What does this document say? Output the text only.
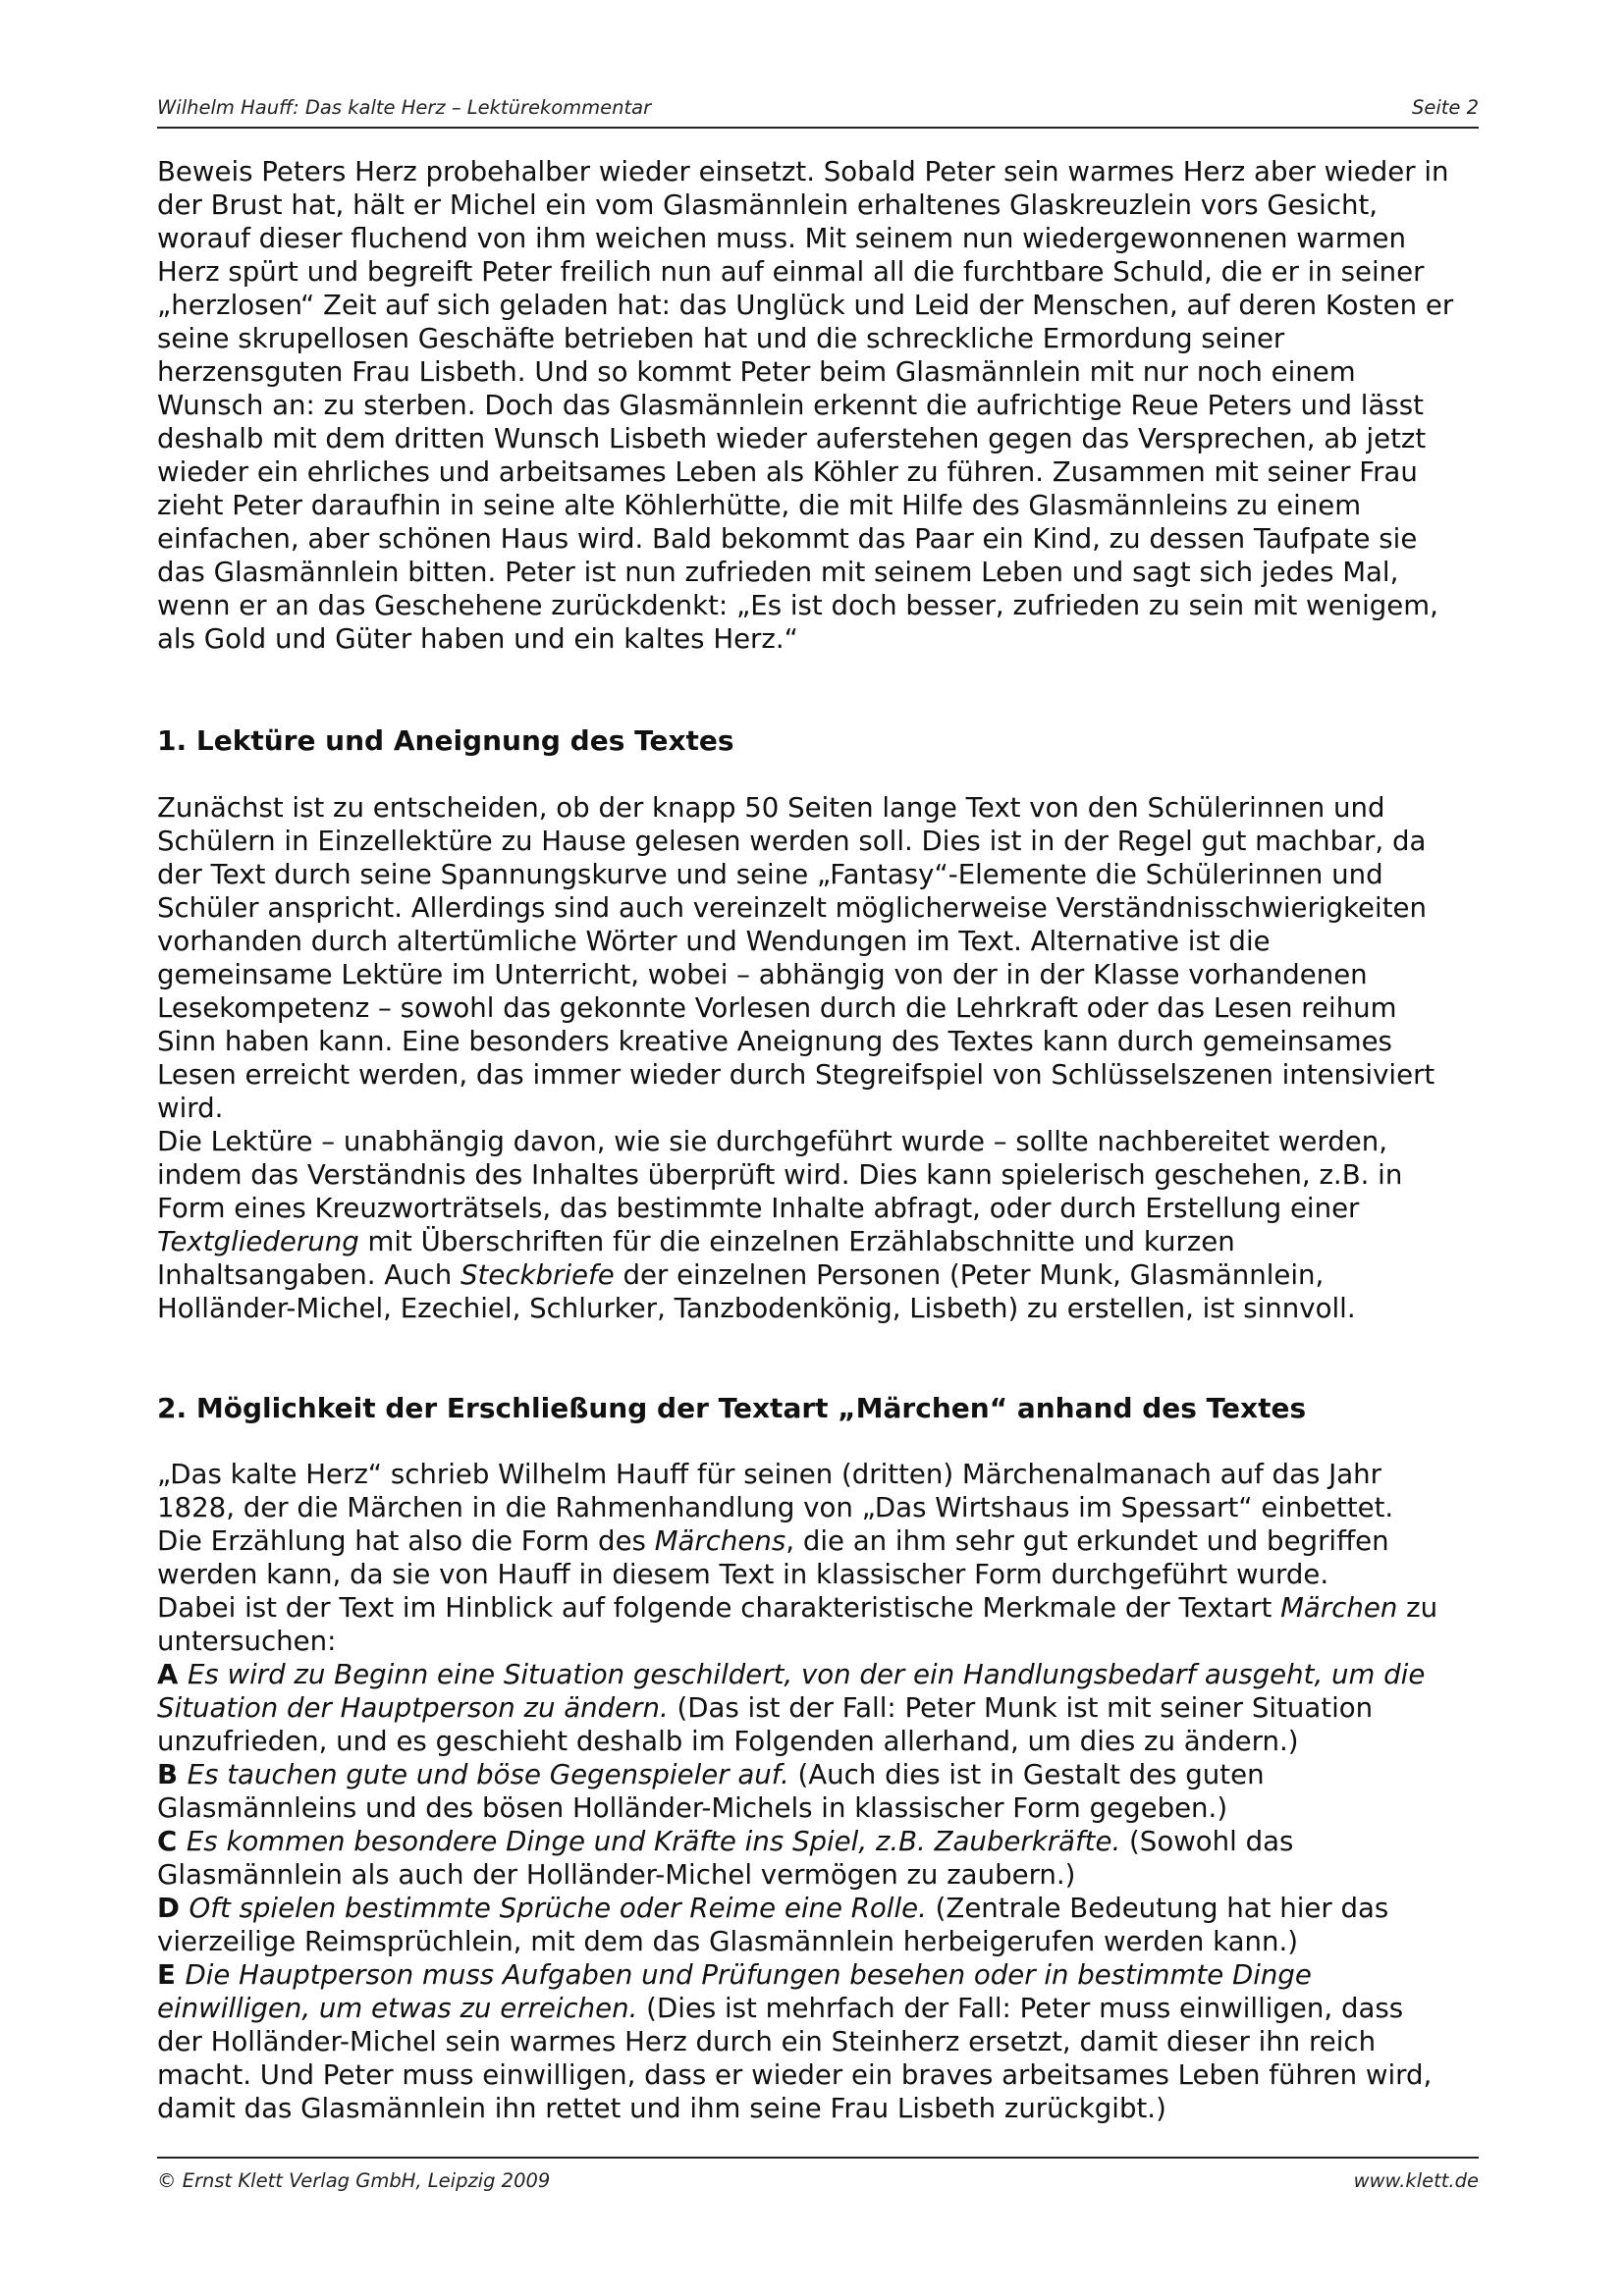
Wilhelm Hauff: Das kalte Herz – Lektürekommentar	Seite 2
Beweis Peters Herz probehalber wieder einsetzt. Sobald Peter sein warmes Herz aber wieder in
der Brust hat, hält er Michel ein vom Glasmännlein erhaltenes Glaskreuzlein vors Gesicht,
worauf dieser fluchend von ihm weichen muss. Mit seinem nun wiedergewonnenen warmen
Herz spürt und begreift Peter freilich nun auf einmal all die furchtbare Schuld, die er in seiner
„herzlosen“ Zeit auf sich geladen hat: das Unglück und Leid der Menschen, auf deren Kosten er
seine skrupellosen Geschäfte betrieben hat und die schreckliche Ermordung seiner
herzensguten Frau Lisbeth. Und so kommt Peter beim Glasmännlein mit nur noch einem
Wunsch an: zu sterben. Doch das Glasmännlein erkennt die aufrichtige Reue Peters und lässt
deshalb mit dem dritten Wunsch Lisbeth wieder auferstehen gegen das Versprechen, ab jetzt
wieder ein ehrliches und arbeitsames Leben als Köhler zu führen. Zusammen mit seiner Frau
zieht Peter daraufhin in seine alte Köhlerhütte, die mit Hilfe des Glasmännleins zu einem
einfachen, aber schönen Haus wird. Bald bekommt das Paar ein Kind, zu dessen Taufpate sie
das Glasmännlein bitten. Peter ist nun zufrieden mit seinem Leben und sagt sich jedes Mal,
wenn er an das Geschehene zurückdenkt: „Es ist doch besser, zufrieden zu sein mit wenigem,
als Gold und Güter haben und ein kaltes Herz.“
1. Lektüre und Aneignung des Textes
Zunächst ist zu entscheiden, ob der knapp 50 Seiten lange Text von den Schülerinnen und
Schülern in Einzellektüre zu Hause gelesen werden soll. Dies ist in der Regel gut machbar, da
der Text durch seine Spannungskurve und seine „Fantasy“-Elemente die Schülerinnen und
Schüler anspricht. Allerdings sind auch vereinzelt möglicherweise Verständnisschwierigkeiten
vorhanden durch altertümliche Wörter und Wendungen im Text. Alternative ist die
gemeinsame Lektüre im Unterricht, wobei – abhängig von der in der Klasse vorhandenen
Lesekompetenz – sowohl das gekonnte Vorlesen durch die Lehrkraft oder das Lesen reihum
Sinn haben kann. Eine besonders kreative Aneignung des Textes kann durch gemeinsames
Lesen erreicht werden, das immer wieder durch Stegreifspiel von Schlüsselszenen intensiviert
wird.
Die Lektüre – unabhängig davon, wie sie durchgeführt wurde – sollte nachbereitet werden,
indem das Verständnis des Inhaltes überprüft wird. Dies kann spielerisch geschehen, z.B. in
Form eines Kreuzworträtsels, das bestimmte Inhalte abfragt, oder durch Erstellung einer
Textgliederung mit Überschriften für die einzelnen Erzählabschnitte und kurzen
Inhaltsangaben. Auch Steckbriefe der einzelnen Personen (Peter Munk, Glasmännlein,
Holländer-Michel, Ezechiel, Schlurker, Tanzbodenkönig, Lisbeth) zu erstellen, ist sinnvoll.
2. Möglichkeit der Erschließung der Textart „Märchen“ anhand des Textes
„Das kalte Herz“ schrieb Wilhelm Hauff für seinen (dritten) Märchenalmanach auf das Jahr
1828, der die Märchen in die Rahmenhandlung von „Das Wirtshaus im Spessart“ einbettet.
Die Erzählung hat also die Form des Märchens, die an ihm sehr gut erkundet und begriffen
werden kann, da sie von Hauff in diesem Text in klassischer Form durchgeführt wurde.
Dabei ist der Text im Hinblick auf folgende charakteristische Merkmale der Textart Märchen zu
untersuchen:
A Es wird zu Beginn eine Situation geschildert, von der ein Handlungsbedarf ausgeht, um die
Situation der Hauptperson zu ändern. (Das ist der Fall: Peter Munk ist mit seiner Situation
unzufrieden, und es geschieht deshalb im Folgenden allerhand, um dies zu ändern.)
B Es tauchen gute und böse Gegenspieler auf. (Auch dies ist in Gestalt des guten
Glasmännleins und des bösen Holländer-Michels in klassischer Form gegeben.)
C Es kommen besondere Dinge und Kräfte ins Spiel, z.B. Zauberkräfte. (Sowohl das
Glasmännlein als auch der Holländer-Michel vermögen zu zaubern.)
D Oft spielen bestimmte Sprüche oder Reime eine Rolle. (Zentrale Bedeutung hat hier das
vierzeilige Reimsprüchlein, mit dem das Glasmännlein herbeigerufen werden kann.)
E Die Hauptperson muss Aufgaben und Prüfungen besehen oder in bestimmte Dinge
einwilligen, um etwas zu erreichen. (Dies ist mehrfach der Fall: Peter muss einwilligen, dass
der Holländer-Michel sein warmes Herz durch ein Steinherz ersetzt, damit dieser ihn reich
macht. Und Peter muss einwilligen, dass er wieder ein braves arbeitsames Leben führen wird,
damit das Glasmännlein ihn rettet und ihm seine Frau Lisbeth zurückgibt.)
© Ernst Klett Verlag GmbH, Leipzig 2009	www.klett.de
